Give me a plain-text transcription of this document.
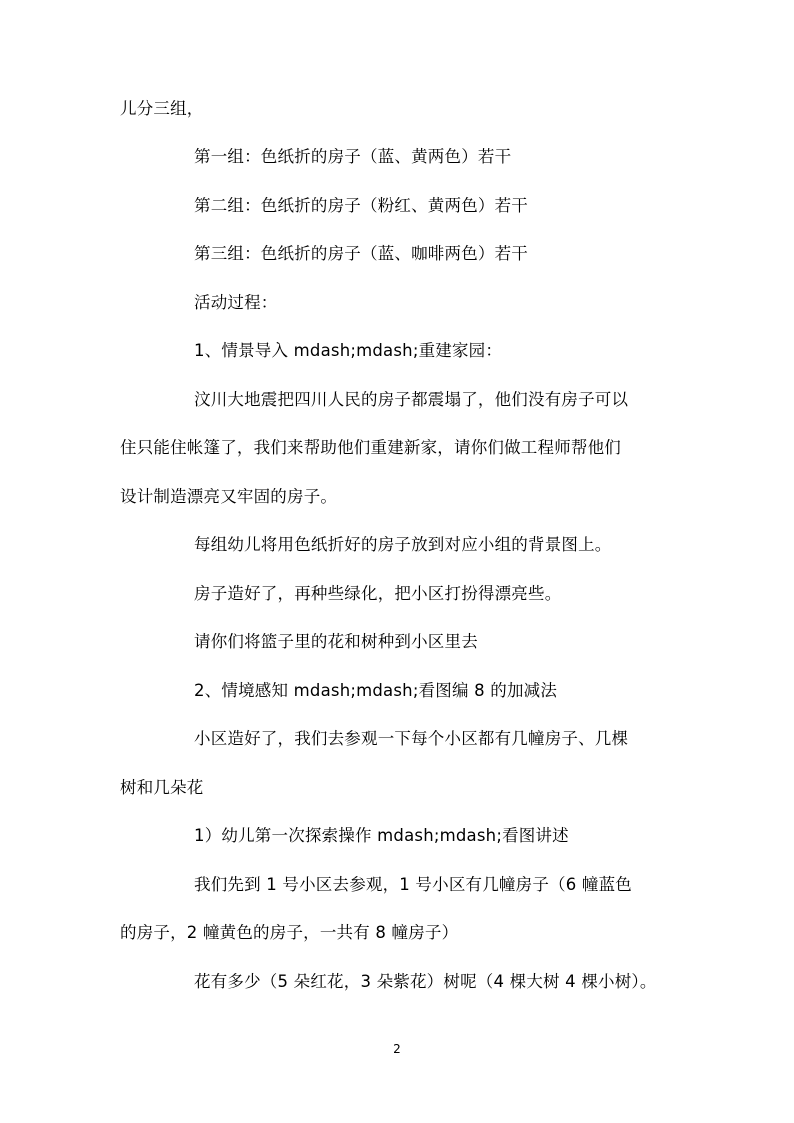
儿分三组，
第一组：色纸折的房子（蓝、黄两色）若干
第二组：色纸折的房子（粉红、黄两色）若干
第三组：色纸折的房子（蓝、咖啡两色）若干
活动过程：
1、情景导入 mdash;mdash;重建家园：
汶川大地震把四川人民的房子都震塌了，他们没有房子可以
住只能住帐篷了，我们来帮助他们重建新家，请你们做工程师帮他们
设计制造漂亮又牢固的房子。
每组幼儿将用色纸折好的房子放到对应小组的背景图上。
房子造好了，再种些绿化，把小区打扮得漂亮些。
请你们将篮子里的花和树种到小区里去
2、情境感知 mdash;mdash;看图编 8 的加减法
小区造好了，我们去参观一下每个小区都有几幢房子、几棵
树和几朵花
1）幼儿第一次探索操作 mdash;mdash;看图讲述
我们先到 1 号小区去参观，1 号小区有几幢房子（6 幢蓝色
的房子，2 幢黄色的房子，一共有 8 幢房子）
花有多少（5 朵红花，3 朵紫花）树呢（4 棵大树 4 棵小树）。
2
